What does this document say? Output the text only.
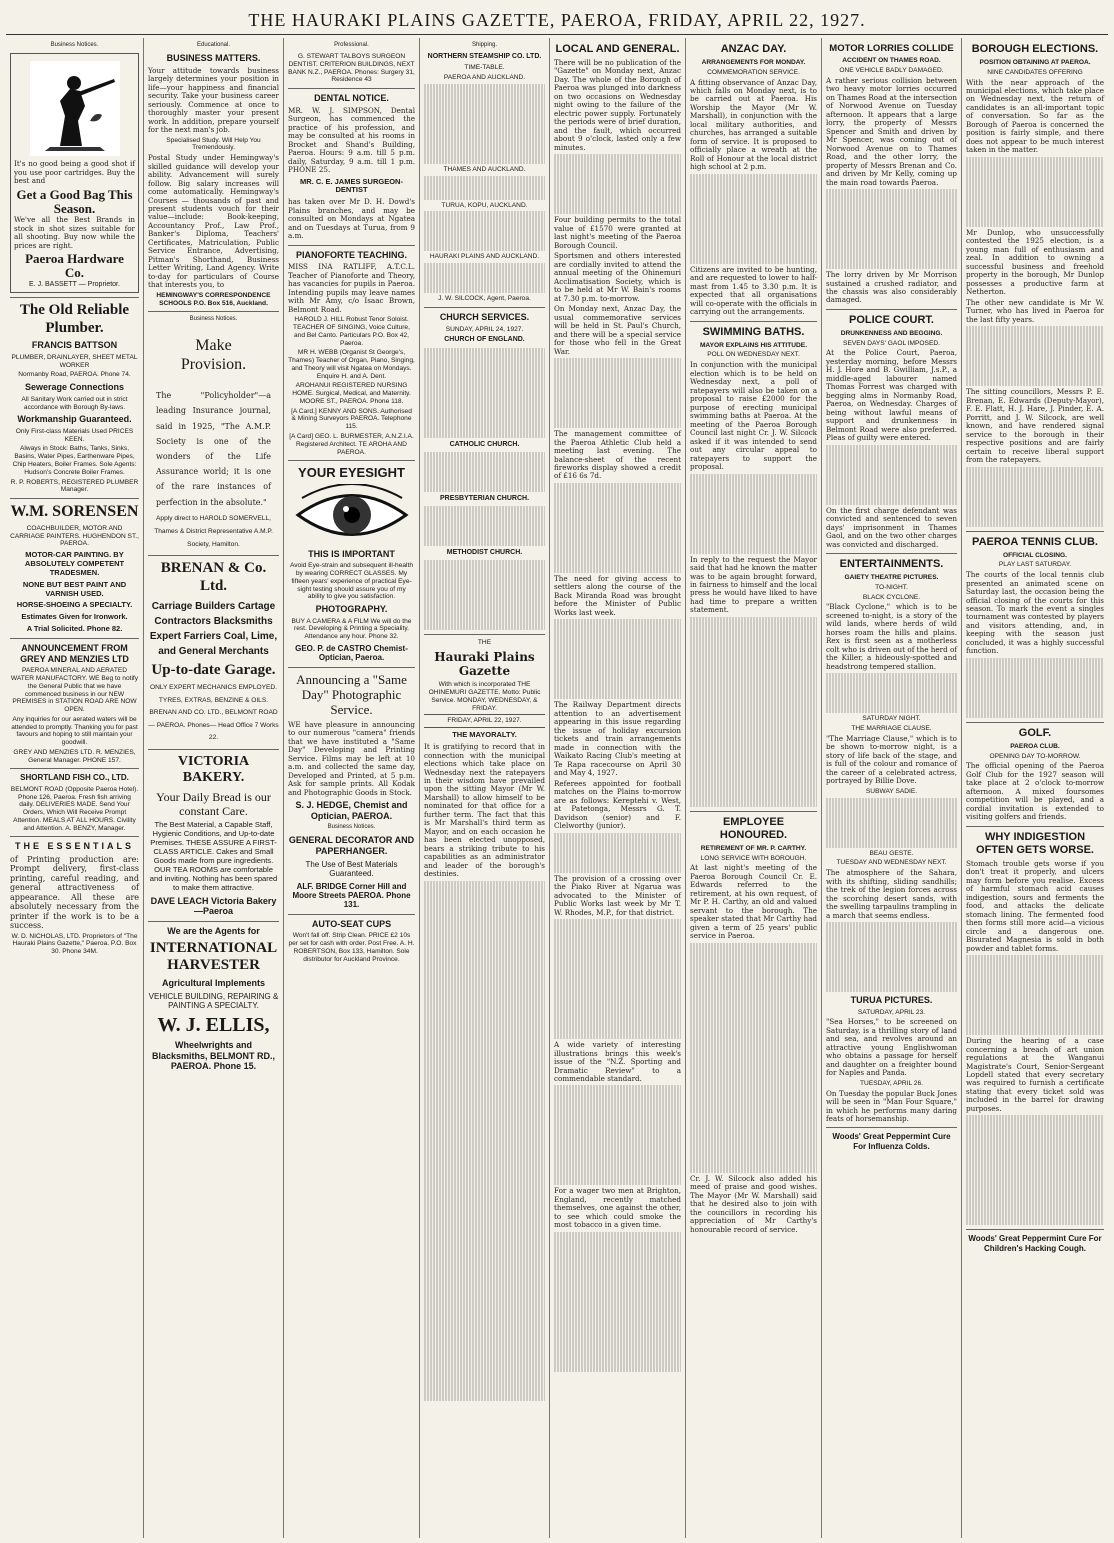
THE HAURAKI PLAINS GAZETTE, PAEROA, FRIDAY, APRIL 22, 1927.
Business Notices.
It's no good being a good shot if you use poor cartridges. Buy the best and
Get a Good Bag This Season.
We've all the Best Brands in stock in shot sizes suitable for all shooting. Buy now while the prices are right.
Paeroa Hardware Co.
E. J. BASSETT — Proprietor.
The Old Reliable Plumber.
FRANCIS BATTSON
PLUMBER, DRAINLAYER, SHEET METAL WORKER
Normanby Road, PAEROA. Phone 74.
Sewerage Connections
All Sanitary Work carried out in strict accordance with Borough By-laws.
Workmanship Guaranteed.
Only First-class Materials Used PRICES KEEN.
Always in Stock: Baths, Tanks, Sinks, Basins, Water Pipes, Earthenware Pipes, Chip Heaters, Boiler Frames. Sole Agents: Hudson's Concrete Boiler Frames.
R. P. ROBERTS, REGISTERED PLUMBER Manager.
W.M. SORENSEN
COACHBUILDER, MOTOR AND CARRIAGE PAINTERS. HUGHENDON ST., PAEROA.
MOTOR-CAR PAINTING. BY ABSOLUTELY COMPETENT TRADESMEN.
NONE BUT BEST PAINT AND VARNISH USED.
HORSE-SHOEING A SPECIALTY.
Estimates Given for Ironwork.
A Trial Solicited. Phone 82.
ANNOUNCEMENT FROM GREY AND MENZIES LTD
PAEROA MINERAL AND AERATED WATER MANUFACTORY. WE Beg to notify the General Public that we have commenced business in our NEW PREMISES in STATION ROAD ARE NOW OPEN.
Any inquiries for our aerated waters will be attended to promptly. Thanking you for past favours and hoping to still maintain your goodwill.
GREY AND MENZIES LTD. R. MENZIES, General Manager. PHONE 157.
SHORTLAND FISH CO., LTD.
BELMONT ROAD (Opposite Paeroa Hotel). Phone 126, Paeroa. Fresh fish arriving daily. DELIVERIES MADE. Send Your Orders, Which Will Receive Prompt Attention. MEALS AT ALL HOURS. Civility and Attention. A. BENZY, Manager.
THE ESSENTIALS
of Printing production are: Prompt delivery, first-class printing, careful reading, and general attractiveness of appearance. All these are absolutely necessary from the printer if the work is to be a success.
W. D. NICHOLAS, LTD. Proprietors of "The Hauraki Plains Gazette," Paeroa. P.O. Box 30. Phone 34M.
Educational.
BUSINESS MATTERS.
Your attitude towards business largely determines your position in life—your happiness and financial security. Take your business career seriously. Commence at once to thoroughly master your present work. In addition, prepare yourself for the next man's job.
Specialised Study. Will Help You Tremendously.
Postal Study under Hemingway's skilled guidance will develop your ability. Advancement will surely follow. Big salary increases will come automatically. Hemingway's Courses — thousands of past and present students vouch for their value—include: Book-keeping, Accountancy Prof., Law Prof., Banker's Diploma, Teachers' Certificates, Matriculation, Public Service Entrance, Advertising, Pitman's Shorthand, Business Letter Writing, Land Agency. Write to-day for particulars of Course that interests you, to
HEMINGWAY'S CORRESPONDENCE SCHOOLS P.O. Box 516, Auckland.
Business Notices.
Make Provision.
The "Policyholder"—a leading Insurance journal, said in 1925, "The A.M.P. Society is one of the wonders of the Life Assurance world; it is one of the rare instances of perfection in the absolute."
Apply direct to HAROLD SOMERVELL, Thames & District Representative A.M.P. Society, Hamilton.
BRENAN & Co. Ltd.
Carriage Builders Cartage Contractors Blacksmiths Expert Farriers Coal, Lime, and General Merchants
Up-to-date Garage.
ONLY EXPERT MECHANICS EMPLOYED. TYRES, EXTRAS, BENZINE & OILS. BRENAN AND CO. LTD., BELMONT ROAD — PAEROA. Phones— Head Office 7 Works 22.
VICTORIA BAKERY.
Your Daily Bread is our constant Care.
The Best Material, a Capable Staff, Hygienic Conditions, and Up-to-date Premises. THESE ASSURE A FIRST-CLASS ARTICLE. Cakes and Small Goods made from pure ingredients. OUR TEA ROOMS are comfortable and inviting. Nothing has been spared to make them attractive.
DAVE LEACH Victoria Bakery—Paeroa
We are the Agents for
INTERNATIONAL HARVESTER
Agricultural Implements
VEHICLE BUILDING, REPAIRING & PAINTING A SPECIALTY.
W. J. ELLIS,
Wheelwrights and Blacksmiths, BELMONT RD., PAEROA. Phone 15.
Professional.
G. STEWART TALBOYS SURGEON DENTIST. CRITERION BUILDINGS, NEXT BANK N.Z., PAEROA. Phones: Surgery 31, Residence 43
DENTAL NOTICE.
MR. W. J. SIMPSON, Dental Surgeon, has commenced the practice of his profession, and may be consulted at his rooms in Brocket and Shand's Building, Paeroa. Hours: 9 a.m. till 5 p.m. daily, Saturday, 9 a.m. till 1 p.m. PHONE 25.
MR. C. E. JAMES SURGEON-DENTIST
has taken over Mr D. H. Dowd's Plains branches, and may be consulted on Mondays at Ngatea and on Tuesdays at Turua, from 9 a.m.
PIANOFORTE TEACHING.
MISS INA RATLIFF, A.T.C.L. Teacher of Pianoforte and Theory, has vacancies for pupils in Paeroa. Intending pupils may leave names with Mr Amy, c/o Isaac Brown, Belmont Road.
HAROLD J. HILL Robust Tenor Soloist. TEACHER OF SINGING, Voice Culture, and Bel Canto. Particulars P.O. Box 42, Paeroa.
MR H. WEBB (Organist St George's, Thames) Teacher of Organ, Piano, Singing, and Theory will visit Ngatea on Mondays. Enquire H. and A. Dent.
AROHANUI REGISTERED NURSING HOME. Surgical, Medical, and Maternity. MOORE ST., PAEROA. Phone 118.
[A Card.] KENNY AND SONS. Authorised & Mining Surveyors PAEROA. Telephone 115.
[A Card] GEO. L. BURMESTER, A.N.Z.I.A. Registered Architect. TE AROHA AND PAEROA.
YOUR EYESIGHT
THIS IS IMPORTANT
Avoid Eye-strain and subsequent ill-health by wearing CORRECT GLASSES. My fifteen years' experience of practical Eye-sight testing should assure you of my ability to give you satisfaction.
PHOTOGRAPHY.
BUY A CAMERA & A FILM We will do the rest. Developing & Printing a Speciality. Attendance any hour. Phone 32.
GEO. P. de CASTRO Chemist-Optician, Paeroa.
Announcing a "Same Day" Photographic Service.
WE have pleasure in announcing to our numerous "camera" friends that we have instituted a "Same Day" Developing and Printing Service. Films may be left at 10 a.m. and collected the same day, Developed and Printed, at 5 p.m. Ask for sample prints. All Kodak and Photographic Goods in Stock.
S. J. HEDGE, Chemist and Optician, PAEROA.
Business Notices.
GENERAL DECORATOR AND PAPERHANGER.
The Use of Best Materials Guaranteed.
ALF. BRIDGE Corner Hill and Moore Streets PAEROA. Phone 131.
AUTO-SEAT CUPS
Won't fall off. Strip Clean. PRICE £2 10s per set for cash with order. Post Free. A. H. ROBERTSON, Box 133, Hamilton. Sole distributor for Auckland Province.
Shipping.
NORTHERN STEAMSHIP CO. LTD.
TIME-TABLE.
PAEROA AND AUCKLAND.
THAMES AND AUCKLAND.
TURUA, KOPU, AUCKLAND.
HAURAKI PLAINS AND AUCKLAND.
J. W. SILCOCK, Agent, Paeroa.
CHURCH SERVICES.
SUNDAY, APRIL 24, 1927.
CHURCH OF ENGLAND.
CATHOLIC CHURCH.
PRESBYTERIAN CHURCH.
METHODIST CHURCH.
THE
Hauraki Plains Gazette
With which is incorporated THE OHINEMURI GAZETTE. Motto: Public Service. MONDAY, WEDNESDAY, & FRIDAY.
FRIDAY, APRIL 22, 1927.
THE MAYORALTY.
It is gratifying to record that in connection with the municipal elections which take place on Wednesday next the ratepayers in their wisdom have prevailed upon the sitting Mayor (Mr W. Marshall) to allow himself to be nominated for that office for a further term. The fact that this is Mr Marshall's third term as Mayor, and on each occasion he has been elected unopposed, bears a striking tribute to his capabilities as an administrator and leader of the borough's destinies.
LOCAL AND GENERAL.
There will be no publication of the "Gazette" on Monday next, Anzac Day. The whole of the Borough of Paeroa was plunged into darkness on two occasions on Wednesday night owing to the failure of the electric power supply. Fortunately the periods were of brief duration, and the fault, which occurred about 9 o'clock, lasted only a few minutes.
Four building permits to the total value of £1570 were granted at last night's meeting of the Paeroa Borough Council.
Sportsmen and others interested are cordially invited to attend the annual meeting of the Ohinemuri Acclimatisation Society, which is to be held at Mr W. Bain's rooms at 7.30 p.m. to-morrow.
On Monday next, Anzac Day, the usual commemorative services will be held in St. Paul's Church, and there will be a special service for those who fell in the Great War.
The management committee of the Paeroa Athletic Club held a meeting last evening. The balance-sheet of the recent fireworks display showed a credit of £16 6s 7d.
The need for giving access to settlers along the course of the Back Miranda Road was brought before the Minister of Public Works last week.
The Railway Department directs attention to an advertisement appearing in this issue regarding the issue of holiday excursion tickets and train arrangements made in connection with the Waikato Racing Club's meeting at Te Rapa racecourse on April 30 and May 4, 1927.
Referees appointed for football matches on the Plains to-morrow are as follows: Kereptehi v. West, at Patetonga, Messrs G. T. Davidson (senior) and F. Clelworthy (junior).
The provision of a crossing over the Piako River at Ngarua was advocated to the Minister of Public Works last week by Mr T. W. Rhodes, M.P., for that district.
A wide variety of interesting illustrations brings this week's issue of the "N.Z. Sporting and Dramatic Review" to a commendable standard.
For a wager two men at Brighton, England, recently matched themselves, one against the other, to see which could smoke the most tobacco in a given time.
ANZAC DAY.
ARRANGEMENTS FOR MONDAY.
COMMEMORATION SERVICE.
A fitting observance of Anzac Day, which falls on Monday next, is to be carried out at Paeroa. His Worship the Mayor (Mr W. Marshall), in conjunction with the local military authorities, and churches, has arranged a suitable form of service. It is proposed to officially place a wreath at the Roll of Honour at the local district high school at 2 p.m.
Citizens are invited to be hunting, and are requested to lower to half-mast from 1.45 to 3.30 p.m. It is expected that all organisations will co-operate with the officials in carrying out the arrangements.
SWIMMING BATHS.
MAYOR EXPLAINS HIS ATTITUDE.
POLL ON WEDNESDAY NEXT.
In conjunction with the municipal election which is to be held on Wednesday next, a poll of ratepayers will also be taken on a proposal to raise £2000 for the purpose of erecting municipal swimming baths at Paeroa. At the meeting of the Paeroa Borough Council last night Cr. J. W. Silcock asked if it was intended to send out any circular appeal to ratepayers to support the proposal.
In reply to the request the Mayor said that had he known the matter was to be again brought forward, in fairness to himself and the local press he would have liked to have had time to prepare a written statement.
EMPLOYEE HONOURED.
RETIREMENT OF MR. P. CARTHY.
LONG SERVICE WITH BOROUGH.
At last night's meeting of the Paeroa Borough Council Cr. E. Edwards referred to the retirement, at his own request, of Mr P. H. Carthy, an old and valued servant to the borough. The speaker stated that Mr Carthy had given a term of 25 years' public service in Paeroa.
Cr. J. W. Silcock also added his meed of praise and good wishes. The Mayor (Mr W. Marshall) said that he desired also to join with the councillors in recording his appreciation of Mr Carthy's honourable record of service.
MOTOR LORRIES COLLIDE
ACCIDENT ON THAMES ROAD.
ONE VEHICLE BADLY DAMAGED.
A rather serious collision between two heavy motor lorries occurred on Thames Road at the intersection of Norwood Avenue on Tuesday afternoon. It appears that a large lorry, the property of Messrs Spencer and Smith and driven by Mr Spencer, was coming out of Norwood Avenue on to Thames Road, and the other lorry, the property of Messrs Brenan and Co. and driven by Mr Kelly, coming up the main road towards Paeroa.
The lorry driven by Mr Morrison sustained a crushed radiator, and the chassis was also considerably damaged.
POLICE COURT.
DRUNKENNESS AND BEGGING.
SEVEN DAYS' GAOL IMPOSED.
At the Police Court, Paeroa, yesterday morning, before Messrs H. J. Hore and B. Gwilliam, J.s.P., a middle-aged labourer named Thomas Forrest was charged with begging alms in Normanby Road, Paeroa, on Wednesday. Charges of being without lawful means of support and drunkenness in Belmont Road were also preferred. Pleas of guilty were entered.
On the first charge defendant was convicted and sentenced to seven days' imprisonment in Thames Gaol, and on the two other charges was convicted and discharged.
ENTERTAINMENTS.
GAIETY THEATRE PICTURES.
TO-NIGHT.
BLACK CYCLONE.
"Black Cyclone," which is to be screened to-night, is a story of the wild lands, where herds of wild horses roam the hills and plains. Rex is first seen as a motherless colt who is driven out of the herd of the Killer, a hideously-spotted and headstrong tempered stallion.
SATURDAY NIGHT.
THE MARRIAGE CLAUSE.
"The Marriage Clause," which is to be shown to-morrow night, is a story of life back of the stage, and is full of the colour and romance of the career of a celebrated actress, portrayed by Billie Dove.
SUBWAY SADIE.
BEAU GESTE.
TUESDAY AND WEDNESDAY NEXT.
The atmosphere of the Sahara, with its shifting, sliding sandhills; the trek of the legion forces across the scorching desert sands, with the swelling tarpaulins trampling in a march that seems endless.
TURUA PICTURES.
SATURDAY, APRIL 23.
"Sea Horses," to be screened on Saturday, is a thrilling story of land and sea, and revolves around an attractive young Englishwoman who obtains a passage for herself and daughter on a freighter bound for Naples and Panda.
TUESDAY, APRIL 26.
On Tuesday the popular Buck Jones will be seen in "Man Four Square," in which he performs many daring feats of horsemanship.
Woods' Great Peppermint Cure For Influenza Colds.
BOROUGH ELECTIONS.
POSITION OBTAINING AT PAEROA.
NINE CANDIDATES OFFERING
With the near approach of the municipal elections, which take place on Wednesday next, the return of candidates is an all-important topic of conversation. So far as the Borough of Paeroa is concerned the position is fairly simple, and there does not appear to be much interest taken in the matter.
Mr Dunlop, who unsuccessfully contested the 1925 election, is a young man full of enthusiasm and zeal. In addition to owning a successful business and freehold property in the borough, Mr Dunlop possesses a productive farm at Netherton.
The other new candidate is Mr W. Turner, who has lived in Paeroa for the last fifty years.
The sitting councillors, Messrs P. E. Brenan, E. Edwards (Deputy-Mayor), F. E. Flatt, H. J. Hare, J. Pinder, E. A. Porritt, and J. W. Silcock, are well known, and have rendered signal service to the borough in their respective positions and are fairly certain to receive liberal support from the ratepayers.
PAEROA TENNIS CLUB.
OFFICIAL CLOSING.
PLAY LAST SATURDAY.
The courts of the local tennis club presented an animated scene on Saturday last, the occasion being the official closing of the courts for this season. To mark the event a singles tournament was contested by players and visitors attending, and, in keeping with the season just concluded, it was a highly successful function.
GOLF.
PAEROA CLUB.
OPENING DAY TO-MORROW.
The official opening of the Paeroa Golf Club for the 1927 season will take place at 2 o'clock to-morrow afternoon. A mixed foursomes competition will be played, and a cordial invitation is extended to visiting golfers and friends.
WHY INDIGESTION OFTEN GETS WORSE.
Stomach trouble gets worse if you don't treat it properly, and ulcers may form before you realise. Excess of harmful stomach acid causes indigestion, sours and ferments the food, and attacks the delicate stomach lining. The fermented food then forms still more acid—a vicious circle and a dangerous one. Bisurated Magnesia is sold in both powder and tablet forms.
During the hearing of a case concerning a breach of art union regulations at the Wanganui Magistrate's Court, Senior-Sergeant Lopdell stated that every secretary was required to furnish a certificate stating that every ticket sold was included in the barrel for drawing purposes.
Woods' Great Peppermint Cure For Children's Hacking Cough.
